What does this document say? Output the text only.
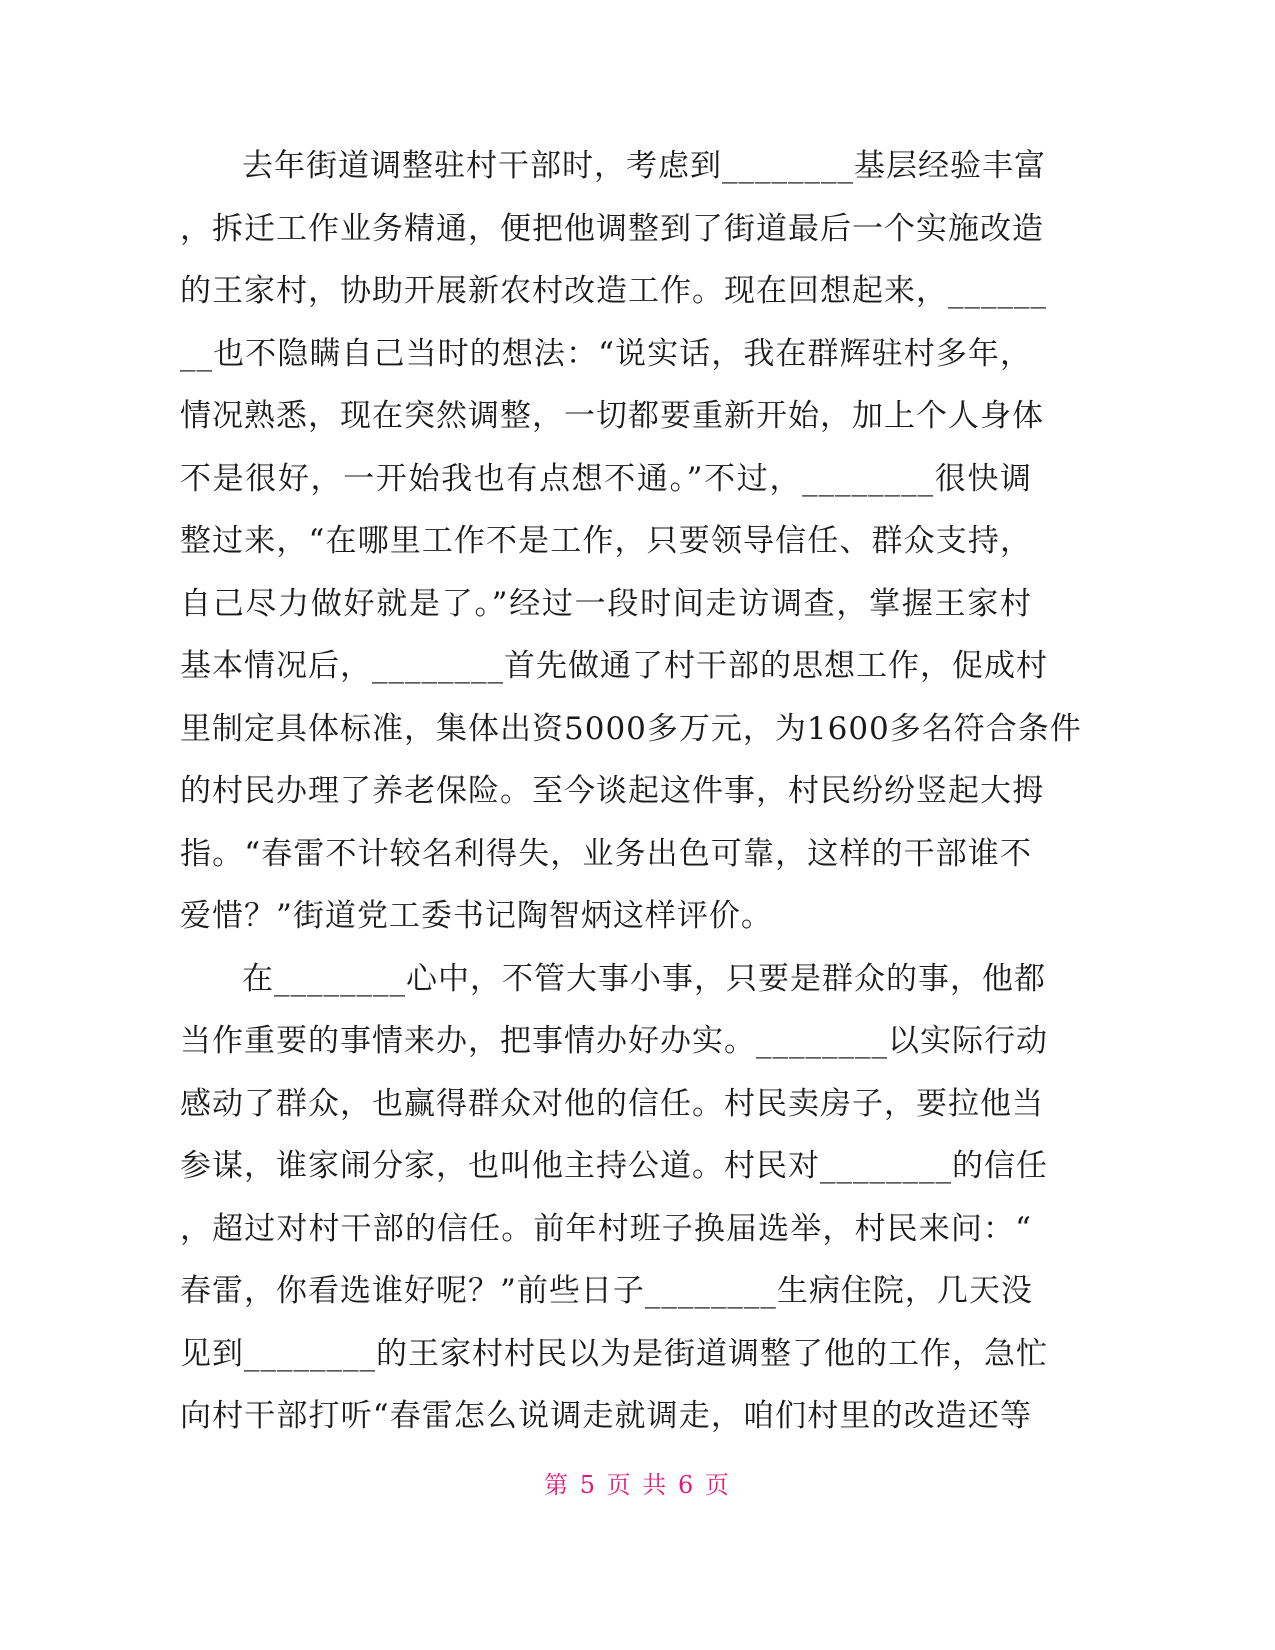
去年街道调整驻村干部时，考虑到________基层经验丰富
，拆迁工作业务精通，便把他调整到了街道最后一个实施改造
的王家村，协助开展新农村改造工作。现在回想起来，______
__也不隐瞒自己当时的想法：“说实话，我在群辉驻村多年，
情况熟悉，现在突然调整，一切都要重新开始，加上个人身体
不是很好，一开始我也有点想不通。”不过，________很快调
整过来，“在哪里工作不是工作，只要领导信任、群众支持，
自己尽力做好就是了。”经过一段时间走访调查，掌握王家村
基本情况后，________首先做通了村干部的思想工作，促成村
里制定具体标准，集体出资5000多万元，为1600多名符合条件
的村民办理了养老保险。至今谈起这件事，村民纷纷竖起大拇
指。“春雷不计较名利得失，业务出色可靠，这样的干部谁不
爱惜？”街道党工委书记陶智炳这样评价。
在________心中，不管大事小事，只要是群众的事，他都
当作重要的事情来办，把事情办好办实。________以实际行动
感动了群众，也赢得群众对他的信任。村民卖房子，要拉他当
参谋，谁家闹分家，也叫他主持公道。村民对________的信任
，超过对村干部的信任。前年村班子换届选举，村民来问：“
春雷，你看选谁好呢？”前些日子________生病住院，几天没
见到________的王家村村民以为是街道调整了他的工作，急忙
向村干部打听“春雷怎么说调走就调走，咱们村里的改造还等
第 5 页 共 6 页
